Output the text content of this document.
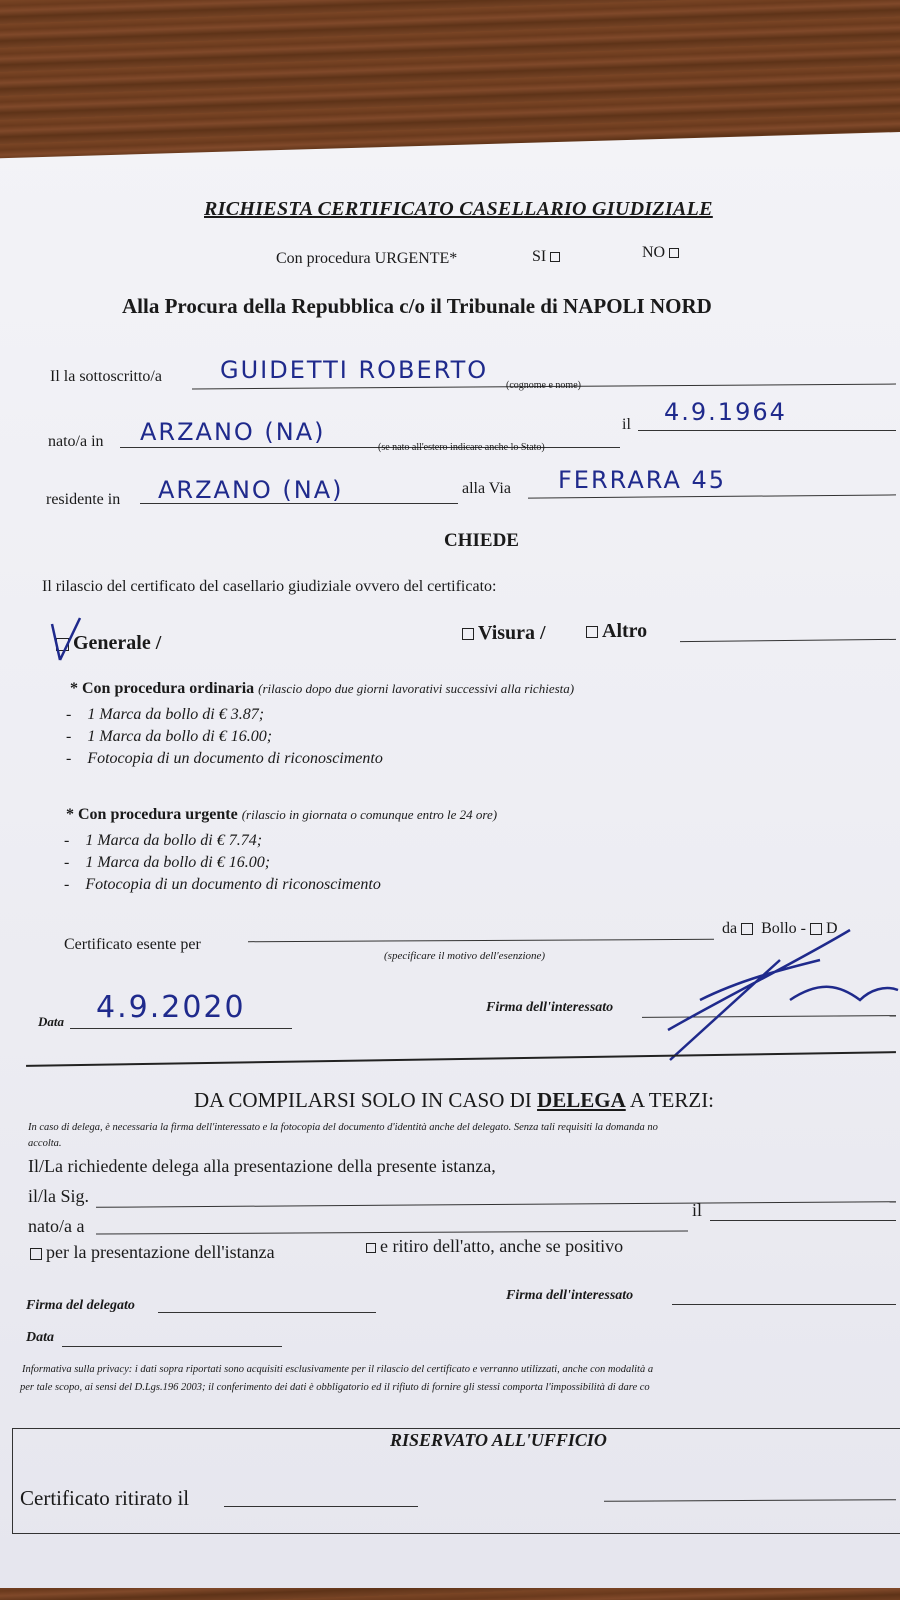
RICHIESTA CERTIFICATO CASELLARIO GIUDIZIALE
Con procedura URGENTE*	SI	NO
Alla Procura della Repubblica c/o il Tribunale di NAPOLI NORD
Il la sottoscritto/a GUIDETTI ROBERTO
(cognome e nome)
nato/a in ARZANO (NA)
(se nato all'estero indicare anche lo Stato)
il 4.9.1964
residente in ARZANO (NA)	alla Via FERRARA 45
CHIEDE
Il rilascio del certificato del casellario giudiziale ovvero del certificato:
Generale /	Visura /	Altro
* Con procedura ordinaria (rilascio dopo due giorni lavorativi successivi alla richiesta)
-    1 Marca da bollo di € 3.87;
-    1 Marca da bollo di € 16.00;
-    Fotocopia di un documento di riconoscimento
* Con procedura urgente (rilascio in giornata o comunque entro le 24 ore)
-    1 Marca da bollo di € 7.74;
-    1 Marca da bollo di € 16.00;
-    Fotocopia di un documento di riconoscimento
Certificato esente per
(specificare il motivo dell'esenzione)
da Bollo - D
Data 4.9.2020	Firma dell'interessato
DA COMPILARSI SOLO IN CASO DI DELEGA A TERZI:
In caso di delega, è necessaria la firma dell'interessato e la fotocopia del documento d'identità anche del delegato. Senza tali requisiti la domanda no
accolta.
Il/La richiedente delega alla presentazione della presente istanza,
il/la Sig.
nato/a a
il
per la presentazione dell'istanza	e ritiro dell'atto, anche se positivo
Firma del delegato
Firma dell'interessato
Data
Informativa sulla privacy: i dati sopra riportati sono acquisiti esclusivamente per il rilascio del certificato e verranno utilizzati, anche con modalità a
per tale scopo, ai sensi del D.Lgs.196 2003; il conferimento dei dati è obbligatorio ed il rifiuto di fornire gli stessi comporta l'impossibilità di dare co
RISERVATO ALL'UFFICIO
Certificato ritirato il
